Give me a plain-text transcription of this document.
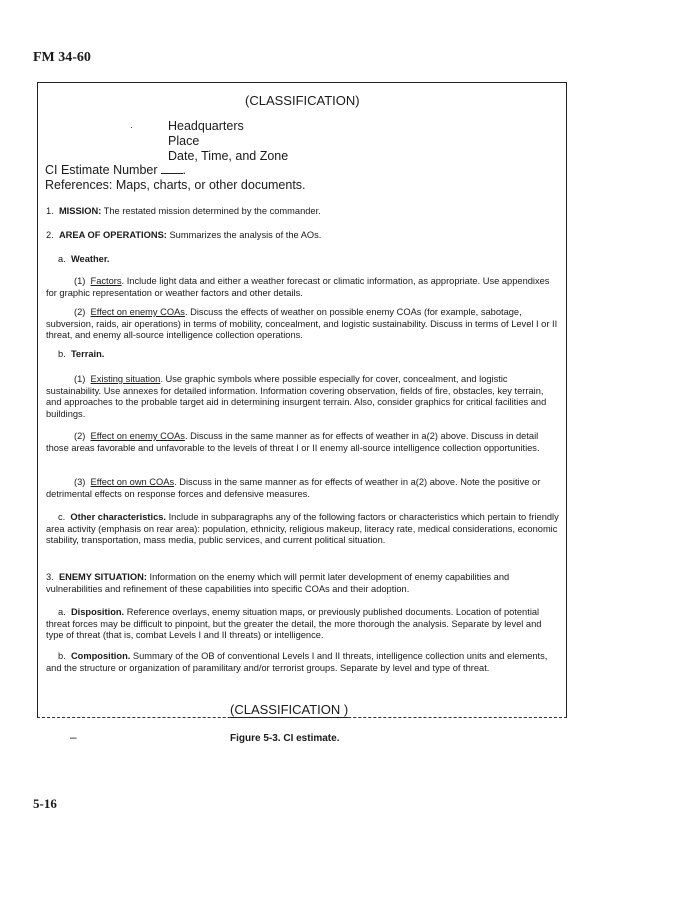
FM 34-60
(CLASSIFICATION)
·	Headquarters
Place
Date, Time, and Zone
CI Estimate Number .
References: Maps, charts, or other documents.

1. MISSION: The restated mission determined by the commander.

2. AREA OF OPERATIONS: Summarizes the analysis of the AOs.

a. Weather.

(1) Factors. Include light data and either a weather forecast or climatic information, as appropriate. Use appendixes for graphic representation or weather factors and other details.

(2) Effect on enemy COAs. Discuss the effects of weather on possible enemy COAs (for example, sabotage, subversion, raids, air operations) in terms of mobility, concealment, and logistic sustainability. Discuss in terms of Level I or II threat, and enemy all-source intelligence collection operations.

b. Terrain.

(1) Existing situation. Use graphic symbols where possible especially for cover, concealment, and logistic sustainability. Use annexes for detailed information. Information covering observation, fields of fire, obstacles, key terrain, and approaches to the probable target aid in determining insurgent terrain. Also, consider graphics for critical facilities and buildings.

(2) Effect on enemy COAs. Discuss in the same manner as for effects of weather in a(2) above. Discuss in detail those areas favorable and unfavorable to the levels of threat I or II enemy all-source intelligence collection opportunities.

(3) Effect on own COAs. Discuss in the same manner as for effects of weather in a(2) above. Note the positive or detrimental effects on response forces and defensive measures.

c. Other characteristics. Include in subparagraphs any of the following factors or characteristics which pertain to friendly area activity (emphasis on rear area): population, ethnicity, religious makeup, literacy rate, medical considerations, economic stability, transportation, mass media, public services, and current political situation.

3. ENEMY SITUATION: Information on the enemy which will permit later development of enemy capabilities and vulnerabilities and refinement of these capabilities into specific COAs and their adoption.

a. Disposition. Reference overlays, enemy situation maps, or previously published documents. Location of potential threat forces may be difficult to pinpoint, but the greater the detail, the more thorough the analysis. Separate by level and type of threat (that is, combat Levels I and II threats) or intelligence.

b. Composition. Summary of the OB of conventional Levels I and II threats, intelligence collection units and elements, and the structure or organization of paramilitary and/or terrorist groups. Separate by level and type of threat.

(CLASSIFICATION )
–	Figure 5-3. CI estimate.
5-16
